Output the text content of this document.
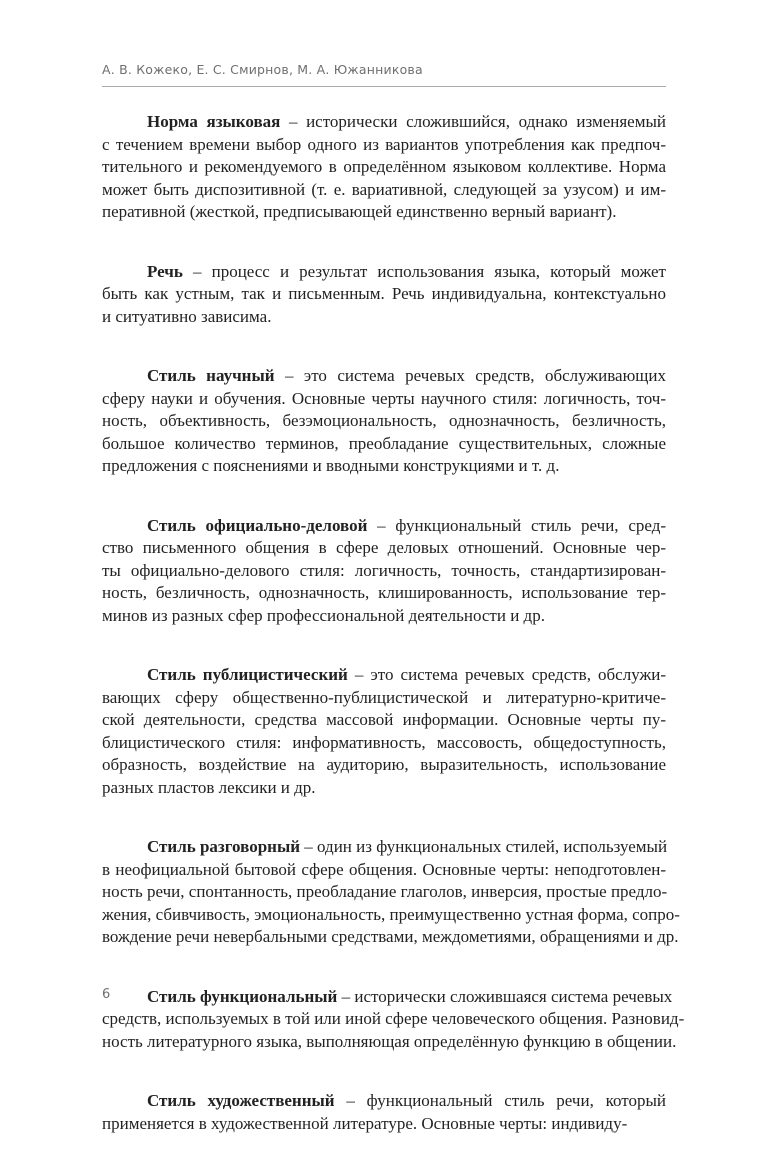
А. В. Кожеко, Е. С. Смирнов, М. А. Южанникова
Норма языковая – исторически сложившийся, однако изменяемый
с течением времени выбор одного из вариантов употребления как предпоч-
тительного и рекомендуемого в определённом языковом коллективе. Норма
может быть диспозитивной (т. е. вариативной, следующей за узусом) и им-
перативной (жесткой, предписывающей единственно верный вариант).
Речь – процесс и результат использования языка, который может
быть как устным, так и письменным. Речь индивидуальна, контекстуально
и ситуативно зависима.
Стиль научный – это система речевых средств, обслуживающих
сферу науки и обучения. Основные черты научного стиля: логичность, точ-
ность, объективность, безэмоциональность, однозначность, безличность,
большое количество терминов, преобладание существительных, сложные
предложения с пояснениями и вводными конструкциями и т. д.
Стиль официально-деловой – функциональный стиль речи, сред-
ство письменного общения в сфере деловых отношений. Основные чер-
ты официально-делового стиля: логичность, точность, стандартизирован-
ность, безличность, однозначность, клишированность, использование тер-
минов из разных сфер профессиональной деятельности и др.
Стиль публицистический – это система речевых средств, обслужи-
вающих сферу общественно-публицистической и литературно-критиче-
ской деятельности, средства массовой информации. Основные черты пу-
блицистического стиля: информативность, массовость, общедоступность,
образность, воздействие на аудиторию, выразительность, использование
разных пластов лексики и др.
Стиль разговорный – один из функциональных стилей, используемый
в неофициальной бытовой сфере общения. Основные черты: неподготовлен-
ность речи, спонтанность, преобладание глаголов, инверсия, простые предло-
жения, сбивчивость, эмоциональность, преимущественно устная форма, сопро-
вождение речи невербальными средствами, междометиями, обращениями и др.
Стиль функциональный – исторически сложившаяся система речевых
средств, используемых в той или иной сфере человеческого общения. Разновид-
ность литературного языка, выполняющая определённую функцию в общении.
Стиль художественный – функциональный стиль речи, который
применяется в художественной литературе. Основные черты: индивиду-
6
